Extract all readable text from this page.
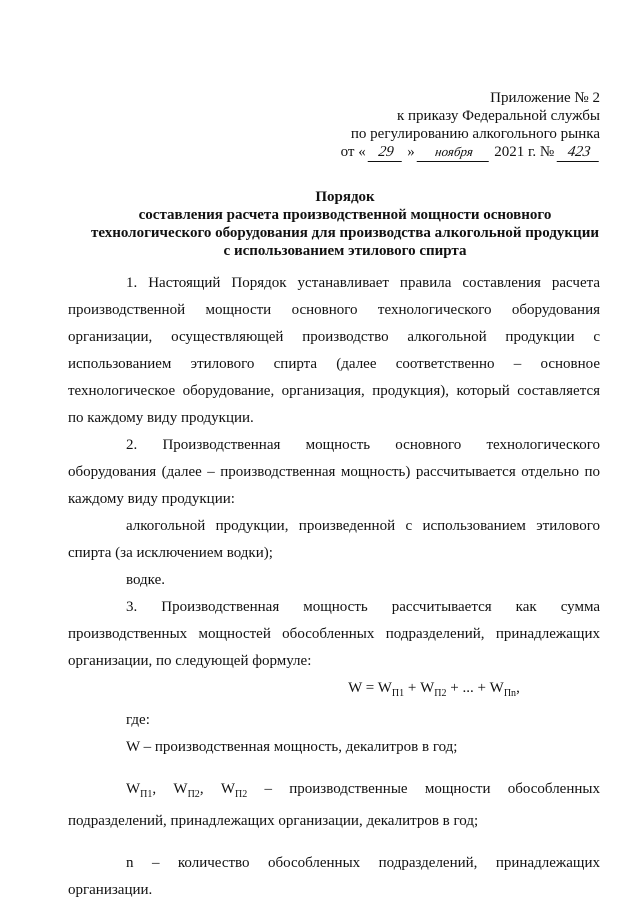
Приложение № 2
к приказу Федеральной службы
по регулированию алкогольного рынка
от « 29 » ноября 2021 г. № 423
Порядок
составления расчета производственной мощности основного
технологического оборудования для производства алкогольной продукции
с использованием этилового спирта

1. Настоящий Порядок устанавливает правила составления расчета производственной мощности основного технологического оборудования организации, осуществляющей производство алкогольной продукции с использованием этилового спирта (далее соответственно – основное технологическое оборудование, организация, продукция), который составляется по каждому виду продукции.

2. Производственная мощность основного технологического оборудования (далее – производственная мощность) рассчитывается отдельно по каждому виду продукции:

алкогольной продукции, произведенной с использованием этилового спирта (за исключением водки);

водке.

3. Производственная мощность рассчитывается как сумма производственных мощностей обособленных подразделений, принадлежащих организации, по следующей формуле:

$W = W_{П1} + W_{П2}$ + ... + $W_{Пn}$,

где:

W – производственная мощность, декалитров в год;

$W_{П1}$, $W_{П2}$, $W_{П2}$ – производственные мощности обособленных подразделений, принадлежащих организации, декалитров в год;

n – количество обособленных подразделений, принадлежащих организации.
